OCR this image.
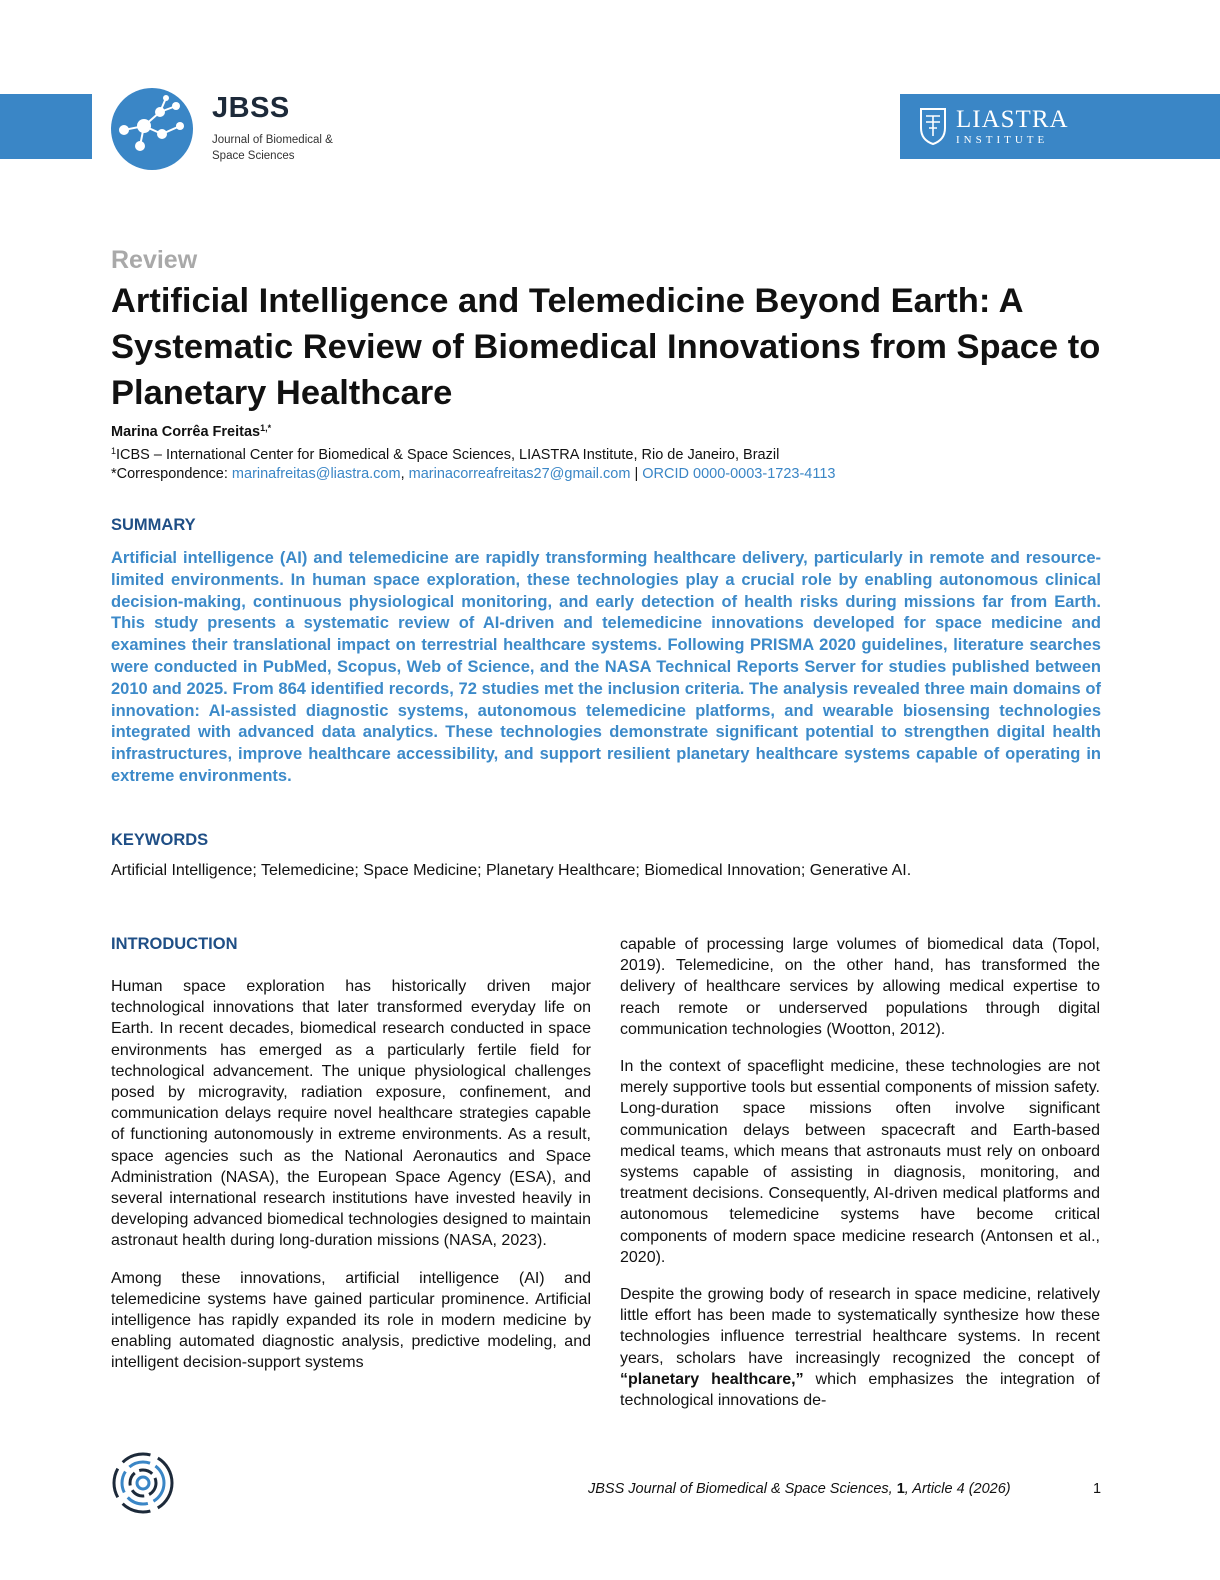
LIASTRA
INSTITUTE
JBSS
Journal of Biomedical &
Space Sciences
Review
Artificial Intelligence and Telemedicine Beyond Earth: A Systematic Review of Biomedical Innovations from Space to Planetary Healthcare
Marina Corrêa Freitas$^{1,*}$
$^1$ICBS – International Center for Biomedical & Space Sciences, LIASTRA Institute, Rio de Janeiro, Brazil
*Correspondence: marinafreitas@liastra.com, marinacorreafreitas27@gmail.com | ORCID 0000-0003-1723-4113
SUMMARY
Artificial intelligence (AI) and telemedicine are rapidly transforming healthcare delivery, particularly in remote and resource-limited environments. In human space exploration, these technologies play a crucial role by enabling autonomous clinical decision-making, continuous physiological monitoring, and early detection of health risks during missions far from Earth. This study presents a systematic review of AI-driven and telemedicine innovations developed for space medicine and examines their translational impact on terrestrial healthcare systems. Following PRISMA 2020 guidelines, literature searches were conducted in PubMed, Scopus, Web of Science, and the NASA Technical Reports Server for studies published between 2010 and 2025. From 864 identified records, 72 studies met the inclusion criteria. The analysis revealed three main domains of innovation: AI-assisted diagnostic systems, autonomous telemedicine platforms, and wearable biosensing technologies integrated with advanced data analytics. These technologies demonstrate significant potential to strengthen digital health infrastructures, improve healthcare accessibility, and support resilient planetary healthcare systems capable of operating in extreme environments.
KEYWORDS
Artificial Intelligence; Telemedicine; Space Medicine; Planetary Healthcare; Biomedical Innovation; Generative AI.
INTRODUCTION

Human space exploration has historically driven major technological innovations that later transformed everyday life on Earth. In recent decades, biomedical research conducted in space environments has emerged as a particularly fertile field for technological advancement. The unique physiological challenges posed by microgravity, radiation exposure, confinement, and communication delays require novel healthcare strategies capable of functioning autonomously in extreme environments. As a result, space agencies such as the National Aeronautics and Space Administration (NASA), the European Space Agency (ESA), and several international research institutions have invested heavily in developing advanced biomedical technologies designed to maintain astronaut health during long-duration missions (NASA, 2023).

Among these innovations, artificial intelligence (AI) and telemedicine systems have gained particular prominence. Artificial intelligence has rapidly expanded its role in modern medicine by enabling automated diagnostic analysis, predictive modeling, and intelligent decision-support systems

capable of processing large volumes of biomedical data (Topol, 2019). Telemedicine, on the other hand, has transformed the delivery of healthcare services by allowing medical expertise to reach remote or underserved populations through digital communication technologies (Wootton, 2012).

In the context of spaceflight medicine, these technologies are not merely supportive tools but essential components of mission safety. Long-duration space missions often involve significant communication delays between spacecraft and Earth-based medical teams, which means that astronauts must rely on onboard systems capable of assisting in diagnosis, monitoring, and treatment decisions. Consequently, AI-driven medical platforms and autonomous telemedicine systems have become critical components of modern space medicine research (Antonsen et al., 2020).

Despite the growing body of research in space medicine, relatively little effort has been made to systematically synthesize how these technologies influence terrestrial healthcare systems. In recent years, scholars have increasingly recognized the concept of “planetary healthcare,” which emphasizes the integration of technological innovations de-

JBSS Journal of Biomedical & Space Sciences, 1, Article 4 (2026)	1
